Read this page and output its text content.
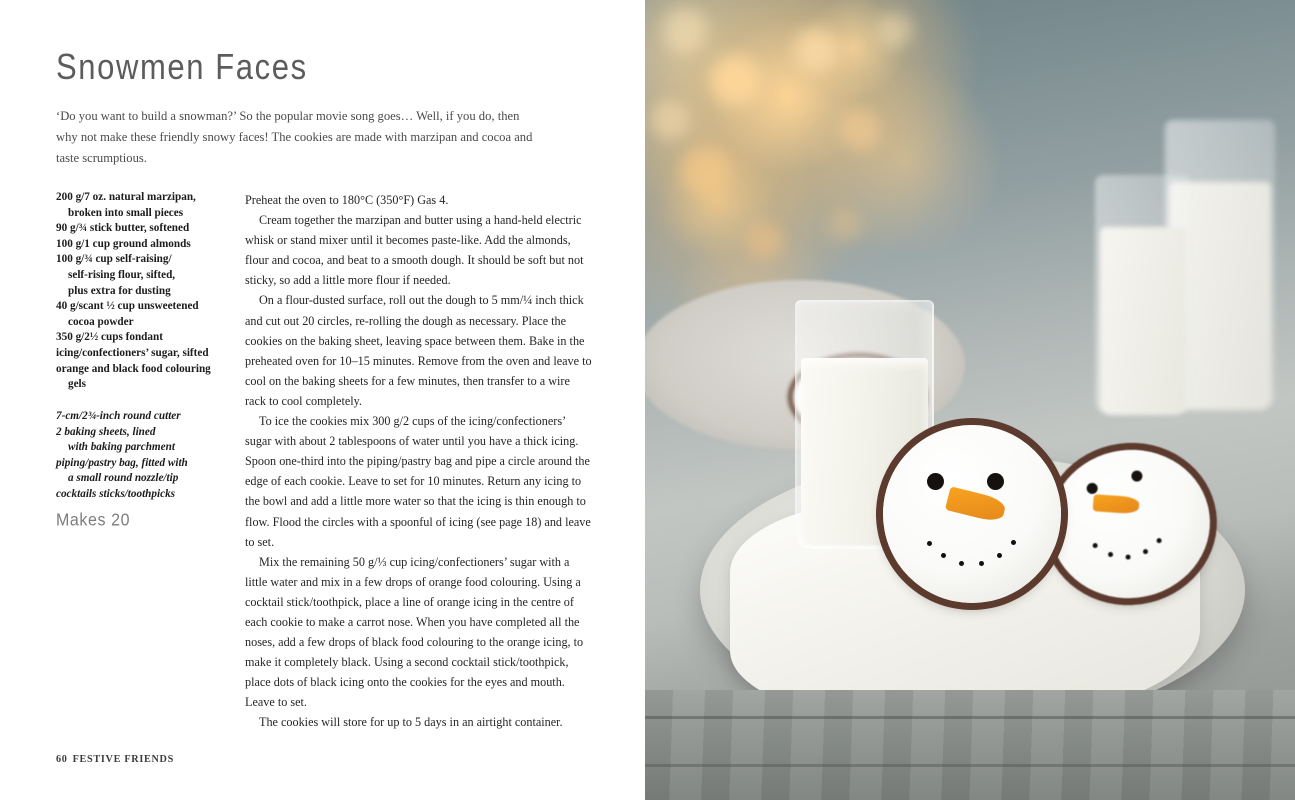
Snowmen Faces

‘Do you want to build a snowman?’ So the popular movie song goes… Well, if you do, then why not make these friendly snowy faces! The cookies are made with marzipan and cocoa and taste scrumptious.

200 g/7 oz. natural marzipan,
broken into small pieces
90 g/¾ stick butter, softened
100 g/1 cup ground almonds
100 g/¾ cup self-raising/
self-rising flour, sifted,
plus extra for dusting
40 g/scant ½ cup unsweetened
cocoa powder
350 g/2½ cups fondant
icing/confectioners’ sugar, sifted
orange and black food colouring
gels
7-cm/2¾-inch round cutter
2 baking sheets, lined
with baking parchment
piping/pastry bag, fitted with
a small round nozzle/tip
cocktails sticks/toothpicks
Makes 20

Preheat the oven to 180°C (350°F) Gas 4.

Cream together the marzipan and butter using a hand-held electric whisk or stand mixer until it becomes paste-like. Add the almonds, flour and cocoa, and beat to a smooth dough. It should be soft but not sticky, so add a little more flour if needed.

On a flour-dusted surface, roll out the dough to 5 mm/¼ inch thick and cut out 20 circles, re-rolling the dough as necessary. Place the cookies on the baking sheet, leaving space between them. Bake in the preheated oven for 10–15 minutes. Remove from the oven and leave to cool on the baking sheets for a few minutes, then transfer to a wire rack to cool completely.

To ice the cookies mix 300 g/2 cups of the icing/confectioners’ sugar with about 2 tablespoons of water until you have a thick icing. Spoon one-third into the piping/pastry bag and pipe a circle around the edge of each cookie. Leave to set for 10 minutes. Return any icing to the bowl and add a little more water so that the icing is thin enough to flow. Flood the circles with a spoonful of icing (see page 18) and leave to set.

Mix the remaining 50 g/⅓ cup icing/confectioners’ sugar with a little water and mix in a few drops of orange food colouring. Using a cocktail stick/toothpick, place a line of orange icing in the centre of each cookie to make a carrot nose. When you have completed all the noses, add a few drops of black food colouring to the orange icing, to make it completely black. Using a second cocktail stick/toothpick, place dots of black icing onto the cookies for the eyes and mouth. Leave to set.

The cookies will store for up to 5 days in an airtight container.

60 FESTIVE FRIENDS
